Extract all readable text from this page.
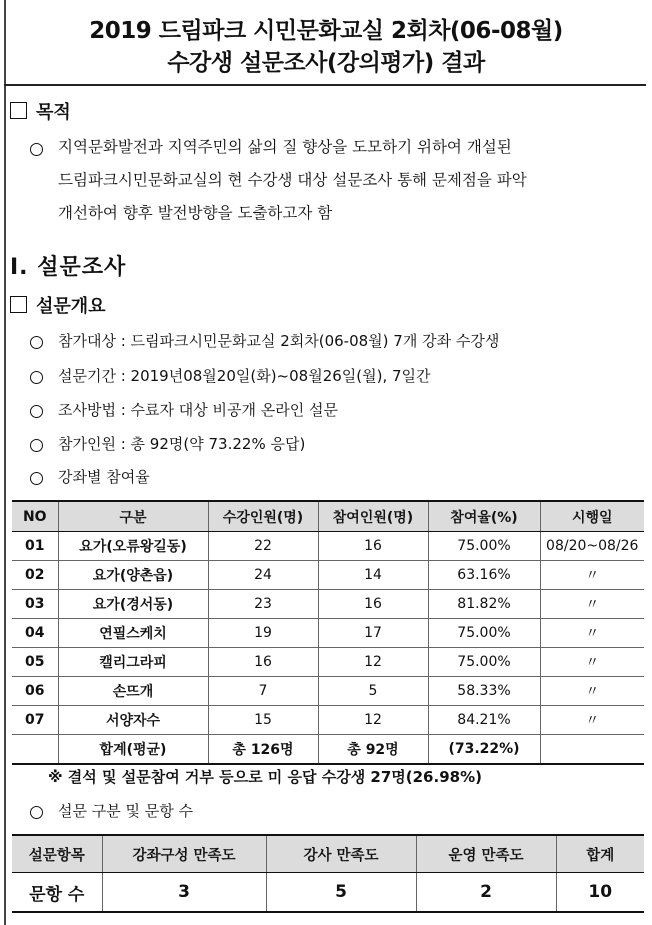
2019 드림파크 시민문화교실 2회차(06-08월)
수강생 설문조사(강의평가) 결과
목적
지역문화발전과 지역주민의 삶의 질 향상을 도모하기 위하여 개설된
드림파크시민문화교실의 현 수강생 대상 설문조사 통해 문제점을 파악
개선하여 향후 발전방향을 도출하고자 함
Ⅰ. 설문조사
설문개요
참가대상 : 드림파크시민문화교실 2회차(06-08월) 7개 강좌 수강생
설문기간 : 2019년08월20일(화)~08월26일(월), 7일간
조사방법 : 수료자 대상 비공개 온라인 설문
참가인원 : 총 92명(약 73.22% 응답)
강좌별 참여율
NO	구분	수강인원(명)	참여인원(명)	참여율(%)	시행일
01	요가(오류왕길동)	22	16	75.00%	08/20~08/26
02	요가(양촌읍)	24	14	63.16%	〃
03	요가(경서동)	23	16	81.82%	〃
04	연필스케치	19	17	75.00%	〃
05	캘리그라피	16	12	75.00%	〃
06	손뜨개	7	5	58.33%	〃
07	서양자수	15	12	84.21%	〃
	합계(평균)	총 126명	총 92명	(73.22%)	
※ 결석 및 설문참여 거부 등으로 미 응답 수강생 27명(26.98%)
설문 구분 및 문항 수
설문항목	강좌구성 만족도	강사 만족도	운영 만족도	합계
문항 수	3	5	2	10
